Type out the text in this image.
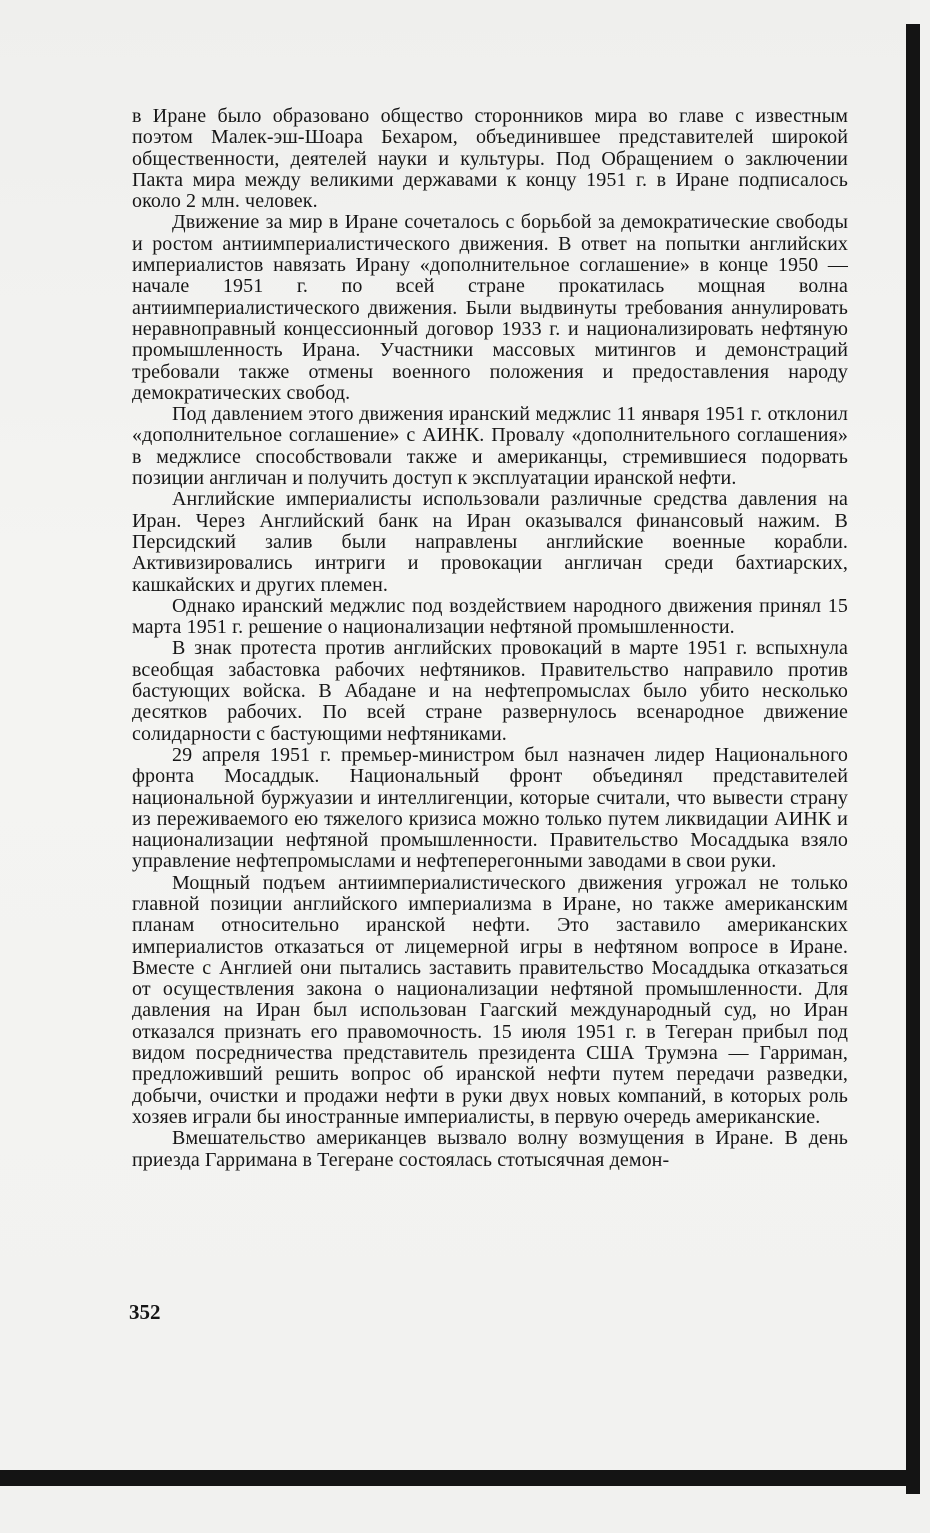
в Иране было образовано общество сторонников мира во главе с известным поэтом Малек-эш-Шоара Бехаром, объединившее представителей широкой общественности, деятелей науки и культуры. Под Обращением о заключении Пакта мира между великими державами к концу 1951 г. в Иране подписалось около 2 млн. человек.

Движение за мир в Иране сочеталось с борьбой за демократические свободы и ростом антиимпериалистического движения. В ответ на попытки английских империалистов навязать Ирану «дополнительное соглашение» в конце 1950 — начале 1951 г. по всей стране прокатилась мощная волна антиимпериалистического движения. Были выдвинуты требования аннулировать неравноправный концессионный договор 1933 г. и национализировать нефтяную промышленность Ирана. Участники массовых митингов и демонстраций требовали также отмены военного положения и предоставления народу демократических свобод.

Под давлением этого движения иранский меджлис 11 января 1951 г. отклонил «дополнительное соглашение» с АИНК. Провалу «дополнительного соглашения» в меджлисе способствовали также и американцы, стремившиеся подорвать позиции англичан и получить доступ к эксплуатации иранской нефти.

Английские империалисты использовали различные средства давления на Иран. Через Английский банк на Иран оказывался финансовый нажим. В Персидский залив были направлены английские военные корабли. Активизировались интриги и провокации англичан среди бахтиарских, кашкайских и других племен.

Однако иранский меджлис под воздействием народного движения принял 15 марта 1951 г. решение о национализации нефтяной промышленности.

В знак протеста против английских провокаций в марте 1951 г. вспыхнула всеобщая забастовка рабочих нефтяников. Правительство направило против бастующих войска. В Абадане и на нефтепромыслах было убито несколько десятков рабочих. По всей стране развернулось всенародное движение солидарности с бастующими нефтяниками.

29 апреля 1951 г. премьер-министром был назначен лидер Национального фронта Мосаддык. Национальный фронт объединял представителей национальной буржуазии и интеллигенции, которые считали, что вывести страну из переживаемого ею тяжелого кризиса можно только путем ликвидации АИНК и национализации нефтяной промышленности. Правительство Мосаддыка взяло управление нефтепромыслами и нефтеперегонными заводами в свои руки.

Мощный подъем антиимпериалистического движения угрожал не только главной позиции английского империализма в Иране, но также американским планам относительно иранской нефти. Это заставило американских империалистов отказаться от лицемерной игры в нефтяном вопросе в Иране. Вместе с Англией они пытались заставить правительство Мосаддыка отказаться от осуществления закона о национализации нефтяной промышленности. Для давления на Иран был использован Гаагский международный суд, но Иран отказался признать его правомочность. 15 июля 1951 г. в Тегеран прибыл под видом посредничества представитель президента США Трумэна — Гарриман, предложивший решить вопрос об иранской нефти путем передачи разведки, добычи, очистки и продажи нефти в руки двух новых компаний, в которых роль хозяев играли бы иностранные империалисты, в первую очередь американские.

Вмешательство американцев вызвало волну возмущения в Иране. В день приезда Гарримана в Тегеране состоялась стотысячная демон-

352
